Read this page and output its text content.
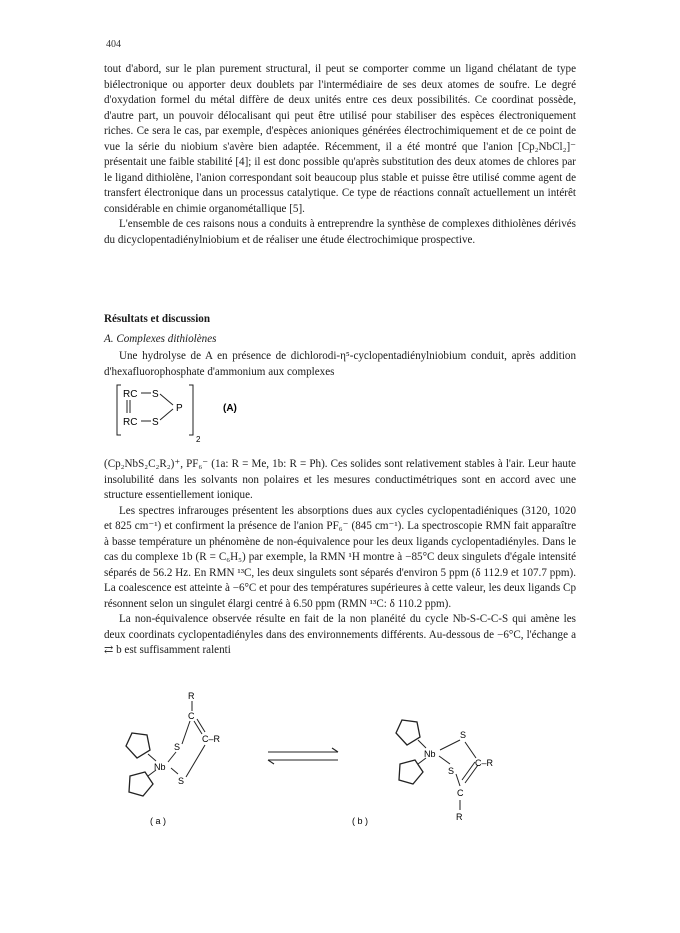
404

tout d'abord, sur le plan purement structural, il peut se comporter comme un ligand chélatant de type biélectronique ou apporter deux doublets par l'intermédiaire de ses deux atomes de soufre. Le degré d'oxydation formel du métal diffère de deux unités entre ces deux possibilités. Ce coordinat possède, d'autre part, un pouvoir délocalisant qui peut être utilisé pour stabiliser des espèces électroniquement riches. Ce sera le cas, par exemple, d'espèces anioniques générées électrochimiquement et de ce point de vue la série du niobium s'avère bien adaptée. Récemment, il a été montré que l'anion [Cp₂NbCl₂]⁻ présentait une faible stabilité [4]; il est donc possible qu'après substitution des deux atomes de chlores par le ligand dithiolène, l'anion correspondant soit beaucoup plus stable et puisse être utilisé comme agent de transfert électronique dans un processus catalytique. Ce type de réactions connaît actuellement un intérêt considérable en chimie organométallique [5].

L'ensemble de ces raisons nous a conduits à entreprendre la synthèse de complexes dithiolènes dérivés du dicyclopentadiénylniobium et de réaliser une étude électrochimique prospective.

Résultats et discussion
A. Complexes dithiolènes

Une hydrolyse de A en présence de dichlorodi-η⁵-cyclopentadiénylniobium conduit, après addition d'hexafluorophosphate d'ammonium aux complexes

RC S
RC S
P
2
(A)

(Cp₂NbS₂C₂R₂)⁺, PF₆⁻ (1a: R = Me, 1b: R = Ph). Ces solides sont relativement stables à l'air. Leur haute insolubilité dans les solvants non polaires et les mesures conductimétriques sont en accord avec une structure essentiellement ionique.

Les spectres infrarouges présentent les absorptions dues aux cycles cyclopentadiéniques (3120, 1020 et 825 cm⁻¹) et confirment la présence de l'anion PF₆⁻ (845 cm⁻¹). La spectroscopie RMN fait apparaître à basse température un phénomène de non-équivalence pour les deux ligands cyclopentadiényles. Dans le cas du complexe 1b (R = C₆H₅) par exemple, la RMN ¹H montre à −85°C deux singulets d'égale intensité séparés de 56.2 Hz. En RMN ¹³C, les deux singulets sont séparés d'environ 5 ppm (δ 112.9 et 107.7 ppm). La coalescence est atteinte à −6°C et pour des températures supérieures à cette valeur, les deux ligands Cp résonnent selon un singulet élargi centré à 6.50 ppm (RMN ¹³C: δ 110.2 ppm).

La non-équivalence observée résulte en fait de la non planéité du cycle Nb-S-C-C-S qui amène les deux coordinats cyclopentadiényles dans des environnements différents. Au-dessous de −6°C, l'échange a ⇄ b est suffisamment ralenti

Nb
S
S
C
R
C–R
( a )
Nb
S
S
C–R
C
R
( b )
